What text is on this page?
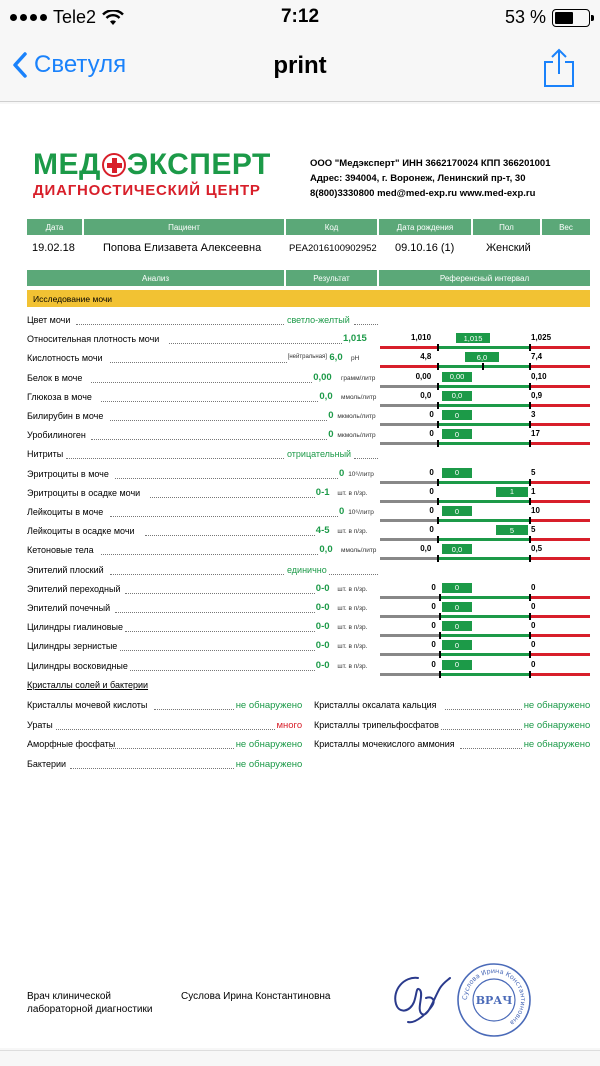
Tele2	7:12	53 %
Светуля	print
МЕД ЭКСПЕРТ
ДИАГНОСТИЧЕСКИЙ ЦЕНТР
ООО "Медэксперт" ИНН 3662170024 КПП 366201001
Адрес: 394004, г. Воронеж, Ленинский пр-т, 30
8(800)3330800 med@med-exp.ru www.med-exp.ru
Дата	Пациент	Код	Дата рождения	Пол	Вес
19.02.18	Попова Елизавета Алексеевна	PEA2016100902952 09.10.16 (1)	Женский
Анализ	Результат	Референсный интервал
Исследование мочи
Цвет мочи	светло-желтый
Относительная плотность мочи	1,015	1,010	1,025
1,015
Кислотность мочи	[нейтральная] 6,0 pH	4,8	7,4
6,0
Белок в моче	0,00 грамм/литр	0,00	0,10
0,00
Глюкоза в моче	0,0 ммоль/литр	0,0	0,9
0,0
Билирубин в моче	0 мкмоль/литр	0	3
0
Уробилиноген	0 мкмоль/литр	0	17
0
Нитриты	отрицательный
Эритроциты в моче	0 10⁶/литр	0	5
0
Эритроциты в осадке мочи	0-1 шт. в п/зр.	0	1
1
Лейкоциты в моче	0 10⁶/литр	0	10
0
Лейкоциты в осадке мочи	4-5 шт. в п/зр.	0	5
5
Кетоновые тела	0,0 ммоль/литр	0,0	0,5
0,0
Эпителий плоский	единично
Эпителий переходный	0-0 шт. в п/зр.	0	0
0
Эпителий почечный	0-0 шт. в п/зр.	0	0
0
Цилиндры гиалиновые	0-0 шт. в п/зр.	0	0
0
Цилиндры зернистые	0-0 шт. в п/зр.	0	0
0
Цилиндры восковидные	0-0 шт. в п/зр.	0	0
0
Кристаллы солей и бактерии
Кристаллы мочевой кислоты	не обнаружено
Ураты	много
Аморфные фосфаты	не обнаружено
Бактерии	не обнаружено
Кристаллы оксалата кальция	не обнаружено
Кристаллы трипельфосфатов	не обнаружено
Кристаллы мочекислого аммония	не обнаружено
Врач клинической
лабораторной диагностики
Суслова Ирина Константиновна	Суслова Ирина Константиновна
ВРАЧ
